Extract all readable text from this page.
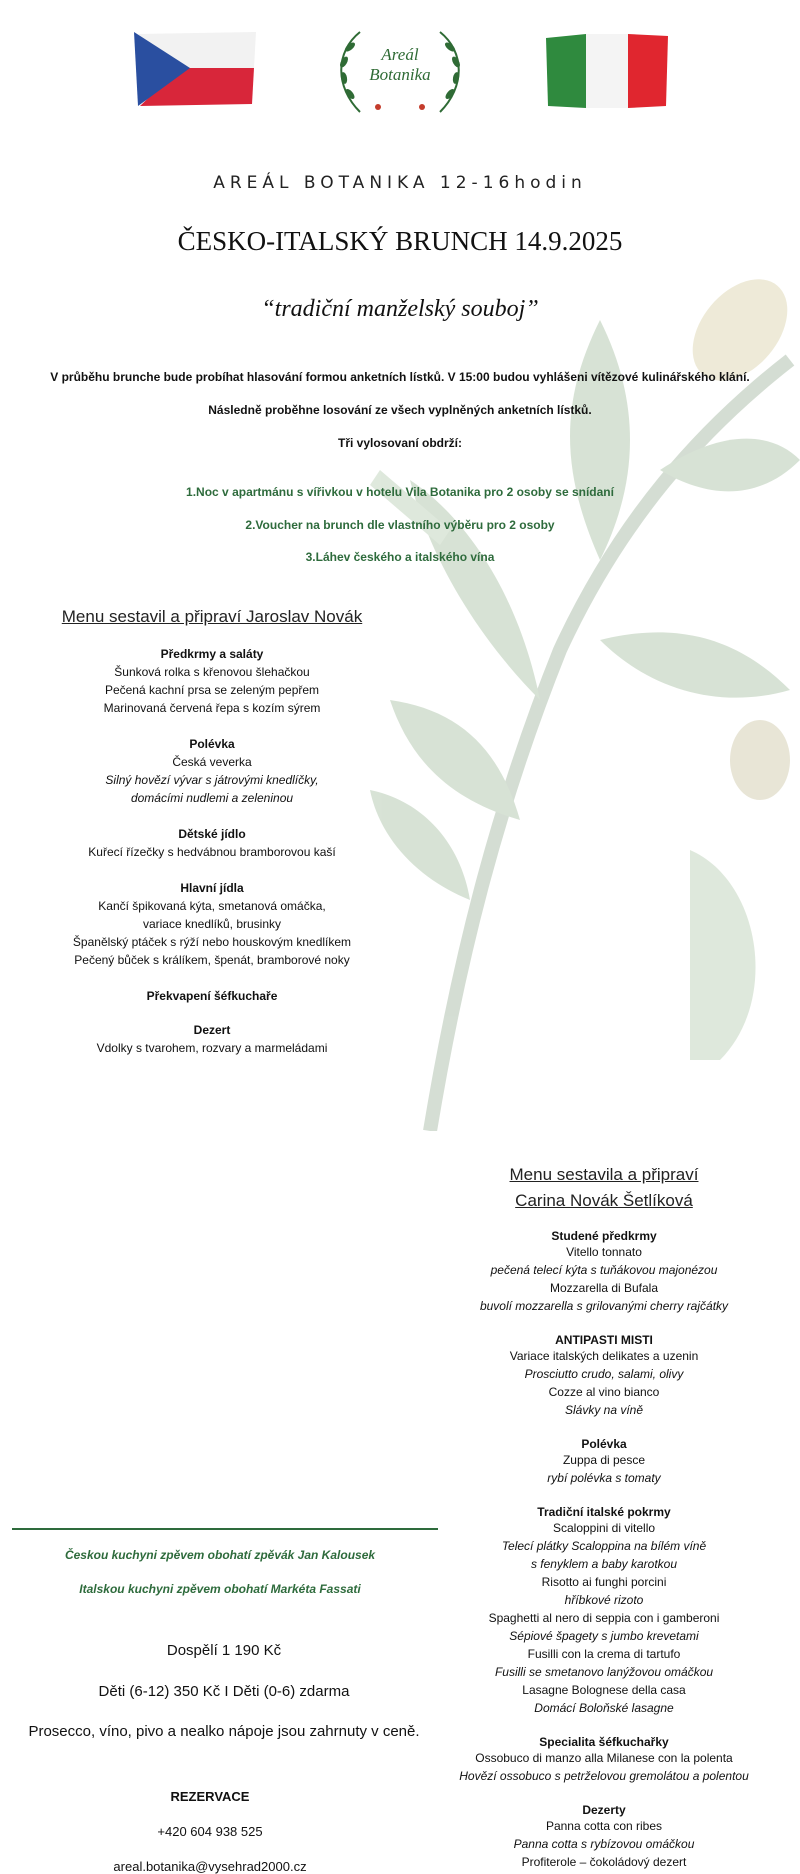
Areál Botanika
AREÁL BOTANIKA 12-16hodin
ČESKO-ITALSKÝ BRUNCH 14.9.2025
“tradiční manželský souboj”
V průběhu brunche bude probíhat hlasování formou anketních lístků. V 15:00 budou vyhlášeni vítězové kulinářského klání.
Následně proběhne losování ze všech vyplněných anketních lístků.
Tři vylosovaní obdrží:
1.Noc v apartmánu s vířivkou v hotelu Vila Botanika pro 2 osoby se snídaní
2.Voucher na brunch dle vlastního výběru pro 2 osoby
3.Láhev českého a italského vína
Menu sestavil a připraví Jaroslav Novák
Předkrmy a saláty
Šunková rolka s křenovou šlehačkou
Pečená kachní prsa se zeleným pepřem
Marinovaná červená řepa s kozím sýrem
Polévka
Česká veverka
Silný hovězí vývar s játrovými knedlíčky,
domácími nudlemi a zeleninou
Dětské jídlo
Kuřecí řízečky s hedvábnou bramborovou kaší
Hlavní jídla
Kančí špikovaná kýta, smetanová omáčka,
variace knedlíků, brusinky
Španělský ptáček s rýží nebo houskovým knedlíkem
Pečený bůček s králíkem, špenát, bramborové noky
Překvapení šéfkuchaře
Dezert
Vdolky s tvarohem, rozvary a marmeládami
Českou kuchyni zpěvem obohatí zpěvák Jan Kalousek
Italskou kuchyni zpěvem obohatí Markéta Fassati
Dospělí 1 190 Kč
Děti (6-12) 350 Kč I Děti (0-6) zdarma
Prosecco, víno, pivo a nealko nápoje jsou zahrnuty v ceně.
REZERVACE
+420 604 938 525
areal.botanika@vysehrad2000.cz
Menu sestavila a připraví
Carina Novák Šetlíková
Studené předkrmy
Vitello tonnato
pečená telecí kýta s tuňákovou majonézou
Mozzarella di Bufala
buvolí mozzarella s grilovanými cherry rajčátky
ANTIPASTI MISTI
Variace italských delikates a uzenin
Prosciutto crudo, salami, olivy
Cozze al vino bianco
Slávky na víně
Polévka
Zuppa di pesce
rybí polévka s tomaty
Tradiční italské pokrmy
Scaloppini di vitello
Telecí plátky Scaloppina na bílém víně
s fenyklem a baby karotkou
Risotto ai funghi porcini
hříbkové rizoto
Spaghetti al nero di seppia con i gamberoni
Sépiové špagety s jumbo krevetami
Fusilli con la crema di tartufo
Fusilli se smetanovo lanýžovou omáčkou
Lasagne Bolognese della casa
Domácí Boloňské lasagne
Specialita šéfkuchařky
Ossobuco di manzo alla Milanese con la polenta
Hovězí ossobuco s petrželovou gremolátou a polentou
Dezerty
Panna cotta con ribes
Panna cotta s rybízovou omáčkou
Profiterole – čokoládový dezert
